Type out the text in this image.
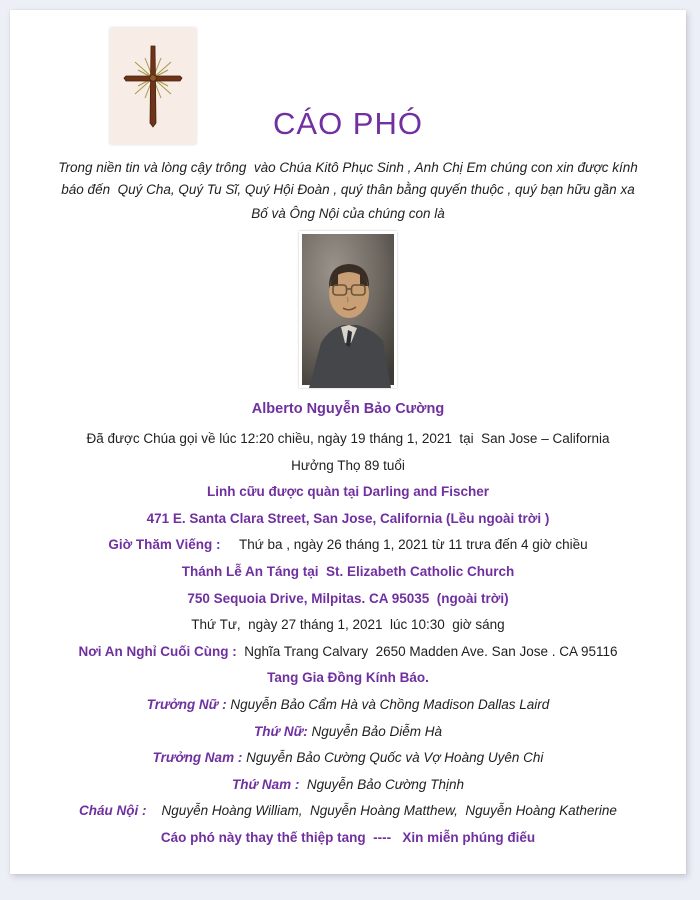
CÁO PHÓ

Trong niền tin và lòng cậy trông  vào Chúa Kitô Phục Sinh , Anh Chị Em chúng con xin được kính báo đến  Quý Cha, Quý Tu Sĩ, Quý Hội Đoàn , quý thân bằng quyến thuộc , quý bạn hữu gần xa

Bố và Ông Nội của chúng con là

Alberto Nguyễn Bảo Cường

Đã được Chúa gọi về lúc 12:20 chiều, ngày 19 tháng 1, 2021  tại  San Jose – California
Hưởng Thọ 89 tuổi
Linh cữu được quàn tại Darling and Fischer
471 E. Santa Clara Street, San Jose, California (Lều ngoài trời )
Giờ Thăm Viếng :     Thứ ba , ngày 26 tháng 1, 2021 từ 11 trưa đến 4 giờ chiều
Thánh Lễ An Táng tại  St. Elizabeth Catholic Church
750 Sequoia Drive, Milpitas. CA 95035  (ngoài trời)
Thứ Tư,  ngày 27 tháng 1, 2021  lúc 10:30  giờ sáng
Nơi An Nghỉ Cuối Cùng :  Nghĩa Trang Calvary  2650 Madden Ave. San Jose . CA 95116
Tang Gia Đồng Kính Báo.
Trưởng Nữ : Nguyễn Bảo Cẩm Hà và Chồng Madison Dallas Laird
Thứ Nữ: Nguyễn Bảo Diễm Hà
Trưởng Nam : Nguyễn Bảo Cường Quốc và Vợ Hoàng Uyên Chi
Thứ Nam :  Nguyễn Bảo Cường Thịnh
Cháu Nội :    Nguyễn Hoàng William,  Nguyễn Hoàng Matthew,  Nguyễn Hoàng Katherine
Cáo phó này thay thế thiệp tang  ----   Xin miễn phúng điếu
